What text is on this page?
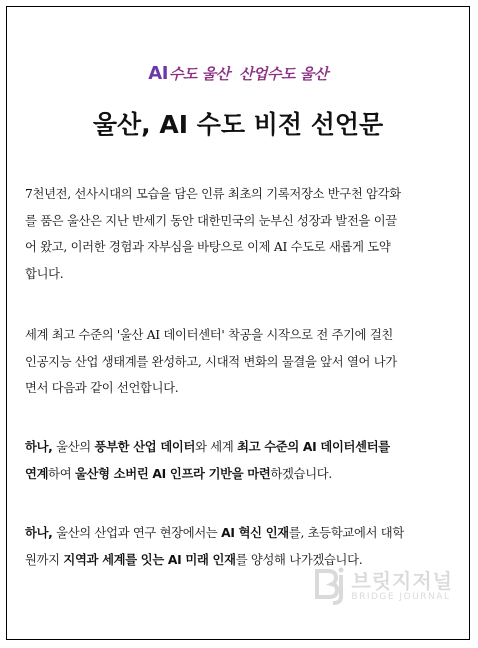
AI수도 울산 산업수도 울산
울산, AI 수도 비전 선언문

7천년전, 선사시대의 모습을 담은 인류 최초의 기록저장소 반구천 암각화
를 품은 울산은 지난 반세기 동안 대한민국의 눈부신 성장과 발전을 이끌
어 왔고, 이러한 경험과 자부심을 바탕으로 이제 AI 수도로 새롭게 도약
합니다.

세계 최고 수준의 '울산 AI 데이터센터' 착공을 시작으로 전 주기에 걸친
인공지능 산업 생태계를 완성하고, 시대적 변화의 물결을 앞서 열어 나가
면서 다음과 같이 선언합니다.

하나, 울산의 풍부한 산업 데이터와 세계 최고 수준의 AI 데이터센터를
연계하여 울산형 소버린 AI 인프라 기반을 마련하겠습니다.

하나, 울산의 산업과 연구 현장에서는 AI 혁신 인재를, 초등학교에서 대학
원까지 지역과 세계를 잇는 AI 미래 인재를 양성해 나가겠습니다.

브릿지저널
BRIDGE JOURNAL
